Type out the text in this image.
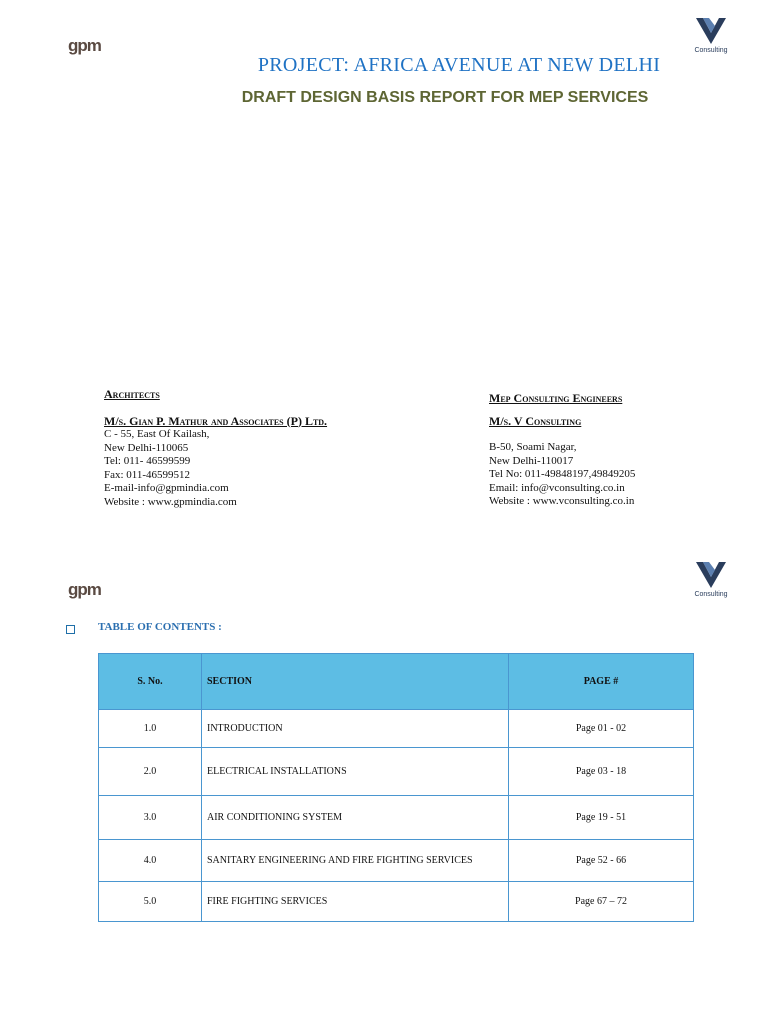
gpm	Consulting
PROJECT: AFRICA AVENUE AT NEW DELHI
DRAFT DESIGN BASIS REPORT FOR MEP SERVICES
Architects
M/s. Gian P. Mathur and Associates (P) Ltd.
C - 55, East Of Kailash,
New Delhi-110065
Tel: 011- 46599599
Fax: 011-46599512
E-mail-info@gpmindia.com
Website : www.gpmindia.com
Mep Consulting Engineers
M/s. V Consulting
B-50, Soami Nagar,
New Delhi-110017
Tel No: 011-49848197,49849205
Email: info@vconsulting.co.in
Website : www.vconsulting.co.in
gpm	Consulting
TABLE OF CONTENTS :
S. No.	SECTION	PAGE #
1.0	INTRODUCTION	Page 01 - 02
2.0	ELECTRICAL INSTALLATIONS	Page 03 - 18
3.0	AIR CONDITIONING SYSTEM	Page 19 - 51
4.0	SANITARY ENGINEERING AND FIRE FIGHTING SERVICES	Page 52 - 66
5.0	FIRE FIGHTING SERVICES	Page 67 – 72
